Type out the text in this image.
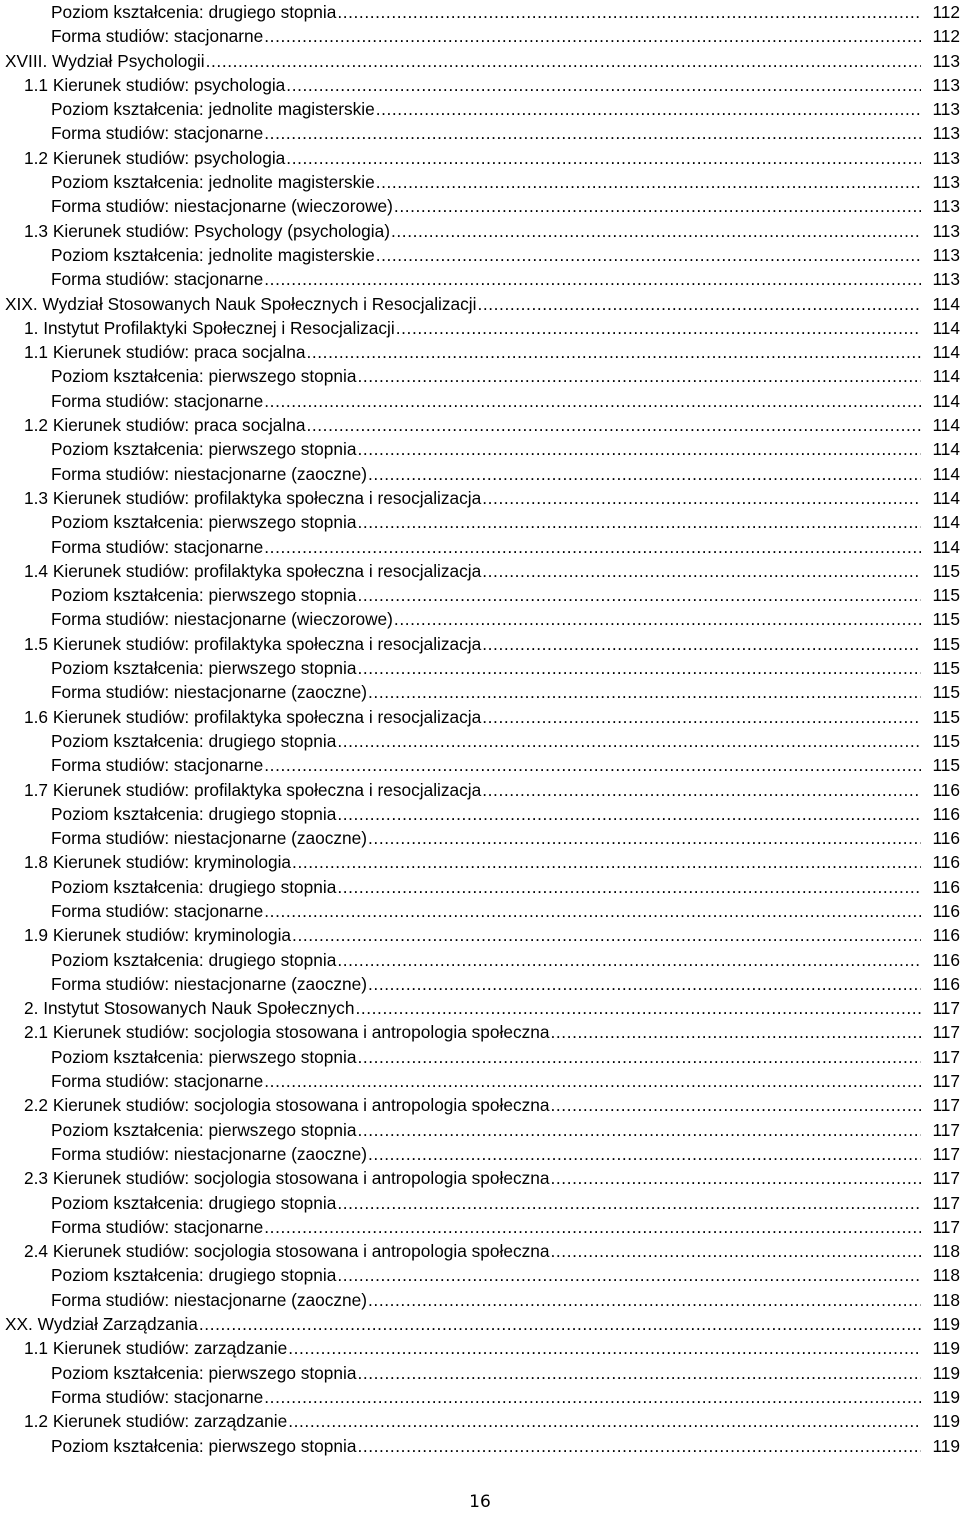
Poziom kształcenia: drugiego stopnia .....	112
Forma studiów: stacjonarne .....	112
XVIII. Wydział Psychologii .....	113
1.1 Kierunek studiów: psychologia .....	113
Poziom kształcenia: jednolite magisterskie .....	113
Forma studiów: stacjonarne .....	113
1.2 Kierunek studiów: psychologia .....	113
Poziom kształcenia: jednolite magisterskie .....	113
Forma studiów: niestacjonarne (wieczorowe) .....	113
1.3 Kierunek studiów: Psychology (psychologia) .....	113
Poziom kształcenia: jednolite magisterskie .....	113
Forma studiów: stacjonarne .....	113
XIX. Wydział Stosowanych Nauk Społecznych i Resocjalizacji .....	114
1. Instytut Profilaktyki Społecznej i Resocjalizacji .....	114
1.1 Kierunek studiów: praca socjalna .....	114
Poziom kształcenia: pierwszego stopnia .....	114
Forma studiów: stacjonarne .....	114
1.2 Kierunek studiów: praca socjalna .....	114
Poziom kształcenia: pierwszego stopnia .....	114
Forma studiów: niestacjonarne (zaoczne) .....	114
1.3 Kierunek studiów: profilaktyka społeczna i resocjalizacja .....	114
Poziom kształcenia: pierwszego stopnia .....	114
Forma studiów: stacjonarne .....	114
1.4 Kierunek studiów: profilaktyka społeczna i resocjalizacja .....	115
Poziom kształcenia: pierwszego stopnia .....	115
Forma studiów: niestacjonarne (wieczorowe) .....	115
1.5 Kierunek studiów: profilaktyka społeczna i resocjalizacja .....	115
Poziom kształcenia: pierwszego stopnia .....	115
Forma studiów: niestacjonarne (zaoczne) .....	115
1.6 Kierunek studiów: profilaktyka społeczna i resocjalizacja .....	115
Poziom kształcenia: drugiego stopnia .....	115
Forma studiów: stacjonarne .....	115
1.7 Kierunek studiów: profilaktyka społeczna i resocjalizacja .....	116
Poziom kształcenia: drugiego stopnia .....	116
Forma studiów: niestacjonarne (zaoczne) .....	116
1.8 Kierunek studiów: kryminologia .....	116
Poziom kształcenia: drugiego stopnia .....	116
Forma studiów: stacjonarne .....	116
1.9 Kierunek studiów: kryminologia .....	116
Poziom kształcenia: drugiego stopnia .....	116
Forma studiów: niestacjonarne (zaoczne) .....	116
2. Instytut Stosowanych Nauk Społecznych .....	117
2.1 Kierunek studiów: socjologia stosowana i antropologia społeczna .....	117
Poziom kształcenia: pierwszego stopnia .....	117
Forma studiów: stacjonarne .....	117
2.2 Kierunek studiów: socjologia stosowana i antropologia społeczna .....	117
Poziom kształcenia: pierwszego stopnia .....	117
Forma studiów: niestacjonarne (zaoczne) .....	117
2.3 Kierunek studiów: socjologia stosowana i antropologia społeczna .....	117
Poziom kształcenia: drugiego stopnia .....	117
Forma studiów: stacjonarne .....	117
2.4 Kierunek studiów: socjologia stosowana i antropologia społeczna .....	118
Poziom kształcenia: drugiego stopnia .....	118
Forma studiów: niestacjonarne (zaoczne) .....	118
XX. Wydział Zarządzania .....	119
1.1 Kierunek studiów: zarządzanie .....	119
Poziom kształcenia: pierwszego stopnia .....	119
Forma studiów: stacjonarne .....	119
1.2 Kierunek studiów: zarządzanie .....	119
Poziom kształcenia: pierwszego stopnia .....	119
16
